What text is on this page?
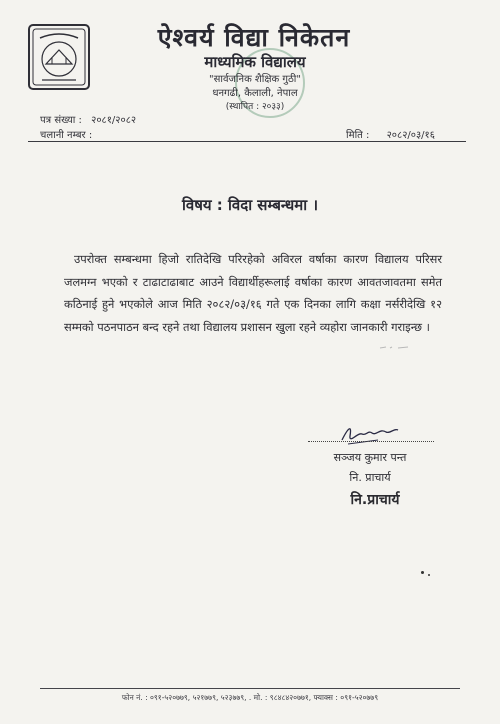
ऐश्वर्य विद्या निकेतन
माध्यमिक विद्यालय
"सार्वजनिक शैक्षिक गुठी"
धनगढी, कैलाली, नेपाल
(स्थापित : २०३३)
पत्र संख्या : २०८१/२०८२
चलानी नम्बर :	मिति : २०८२/०३/१६
विषय : विदा सम्बन्धमा ।
उपरोक्त सम्बन्धमा हिजो रातिदेखि परिरहेको अविरल वर्षाका कारण विद्यालय परिसर जलमग्न भएको र टाढाटाढाबाट आउने विद्यार्थीहरूलाई वर्षाका कारण आवतजावतमा समेत कठिनाई हुने भएकोले आज मिति २०८२/०३/१६ गते एक दिनका लागि कक्षा नर्सरीदेखि १२ सम्मको पठनपाठन बन्द रहने तथा विद्यालय प्रशासन खुला रहने व्यहोरा जानकारी गराइन्छ ।
सञ्जय कुमार पन्त
नि. प्राचार्य
नि.प्राचार्य
फोन नं. : ०९१-५२०७७९, ५२१७७९, ५२३७७९, . मो. : ९८४८४२०७७१, फ्याक्स : ०९१-५२०७७९
